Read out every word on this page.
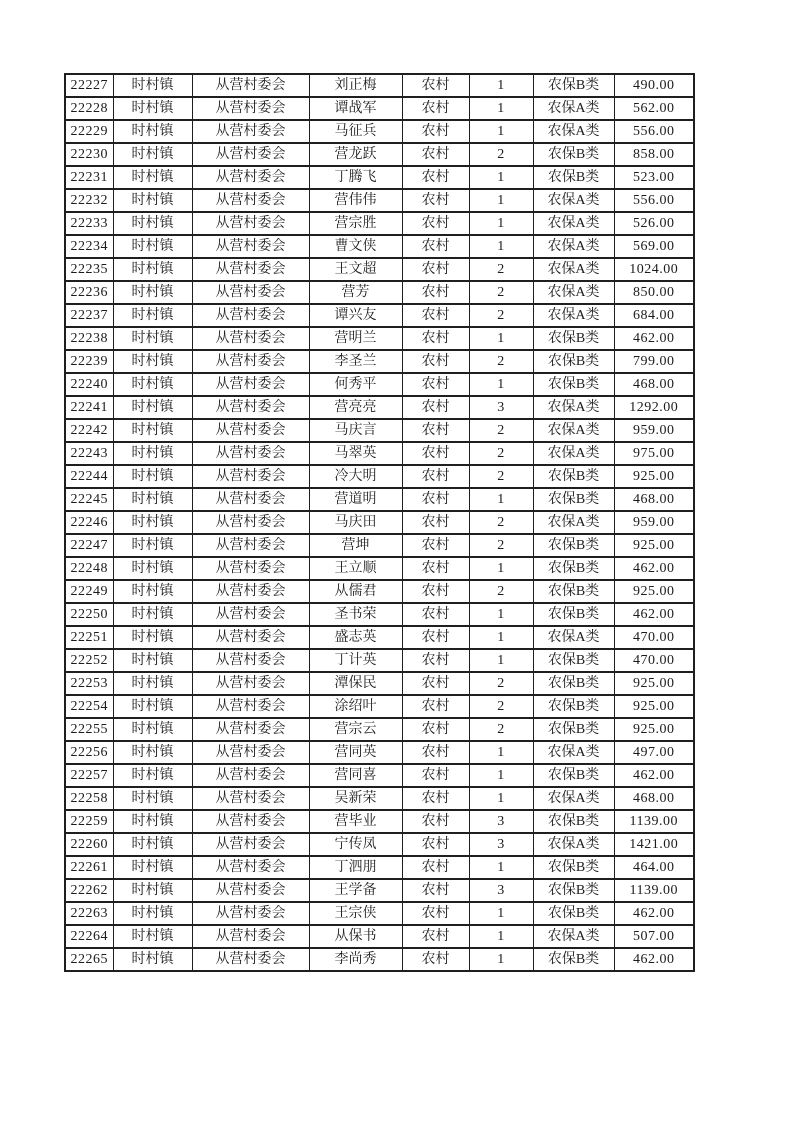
22227	时村镇	从营村委会	刘正梅	农村	1	农保B类	490.00
22228	时村镇	从营村委会	谭战军	农村	1	农保A类	562.00
22229	时村镇	从营村委会	马征兵	农村	1	农保A类	556.00
22230	时村镇	从营村委会	营龙跃	农村	2	农保B类	858.00
22231	时村镇	从营村委会	丁腾飞	农村	1	农保B类	523.00
22232	时村镇	从营村委会	营伟伟	农村	1	农保A类	556.00
22233	时村镇	从营村委会	营宗胜	农村	1	农保A类	526.00
22234	时村镇	从营村委会	曹文侠	农村	1	农保A类	569.00
22235	时村镇	从营村委会	王文超	农村	2	农保A类	1024.00
22236	时村镇	从营村委会	营芳	农村	2	农保A类	850.00
22237	时村镇	从营村委会	谭兴友	农村	2	农保A类	684.00
22238	时村镇	从营村委会	营明兰	农村	1	农保B类	462.00
22239	时村镇	从营村委会	李圣兰	农村	2	农保B类	799.00
22240	时村镇	从营村委会	何秀平	农村	1	农保B类	468.00
22241	时村镇	从营村委会	营亮亮	农村	3	农保A类	1292.00
22242	时村镇	从营村委会	马庆言	农村	2	农保A类	959.00
22243	时村镇	从营村委会	马翠英	农村	2	农保A类	975.00
22244	时村镇	从营村委会	冷大明	农村	2	农保B类	925.00
22245	时村镇	从营村委会	营道明	农村	1	农保B类	468.00
22246	时村镇	从营村委会	马庆田	农村	2	农保A类	959.00
22247	时村镇	从营村委会	营坤	农村	2	农保B类	925.00
22248	时村镇	从营村委会	王立顺	农村	1	农保B类	462.00
22249	时村镇	从营村委会	从儒君	农村	2	农保B类	925.00
22250	时村镇	从营村委会	圣书荣	农村	1	农保B类	462.00
22251	时村镇	从营村委会	盛志英	农村	1	农保A类	470.00
22252	时村镇	从营村委会	丁计英	农村	1	农保B类	470.00
22253	时村镇	从营村委会	潭保民	农村	2	农保B类	925.00
22254	时村镇	从营村委会	涂绍叶	农村	2	农保B类	925.00
22255	时村镇	从营村委会	营宗云	农村	2	农保B类	925.00
22256	时村镇	从营村委会	营同英	农村	1	农保A类	497.00
22257	时村镇	从营村委会	营同喜	农村	1	农保B类	462.00
22258	时村镇	从营村委会	吴新荣	农村	1	农保A类	468.00
22259	时村镇	从营村委会	营毕业	农村	3	农保B类	1139.00
22260	时村镇	从营村委会	宁传凤	农村	3	农保A类	1421.00
22261	时村镇	从营村委会	丁泗朋	农村	1	农保B类	464.00
22262	时村镇	从营村委会	王学备	农村	3	农保B类	1139.00
22263	时村镇	从营村委会	王宗侠	农村	1	农保B类	462.00
22264	时村镇	从营村委会	从保书	农村	1	农保A类	507.00
22265	时村镇	从营村委会	李尚秀	农村	1	农保B类	462.00
